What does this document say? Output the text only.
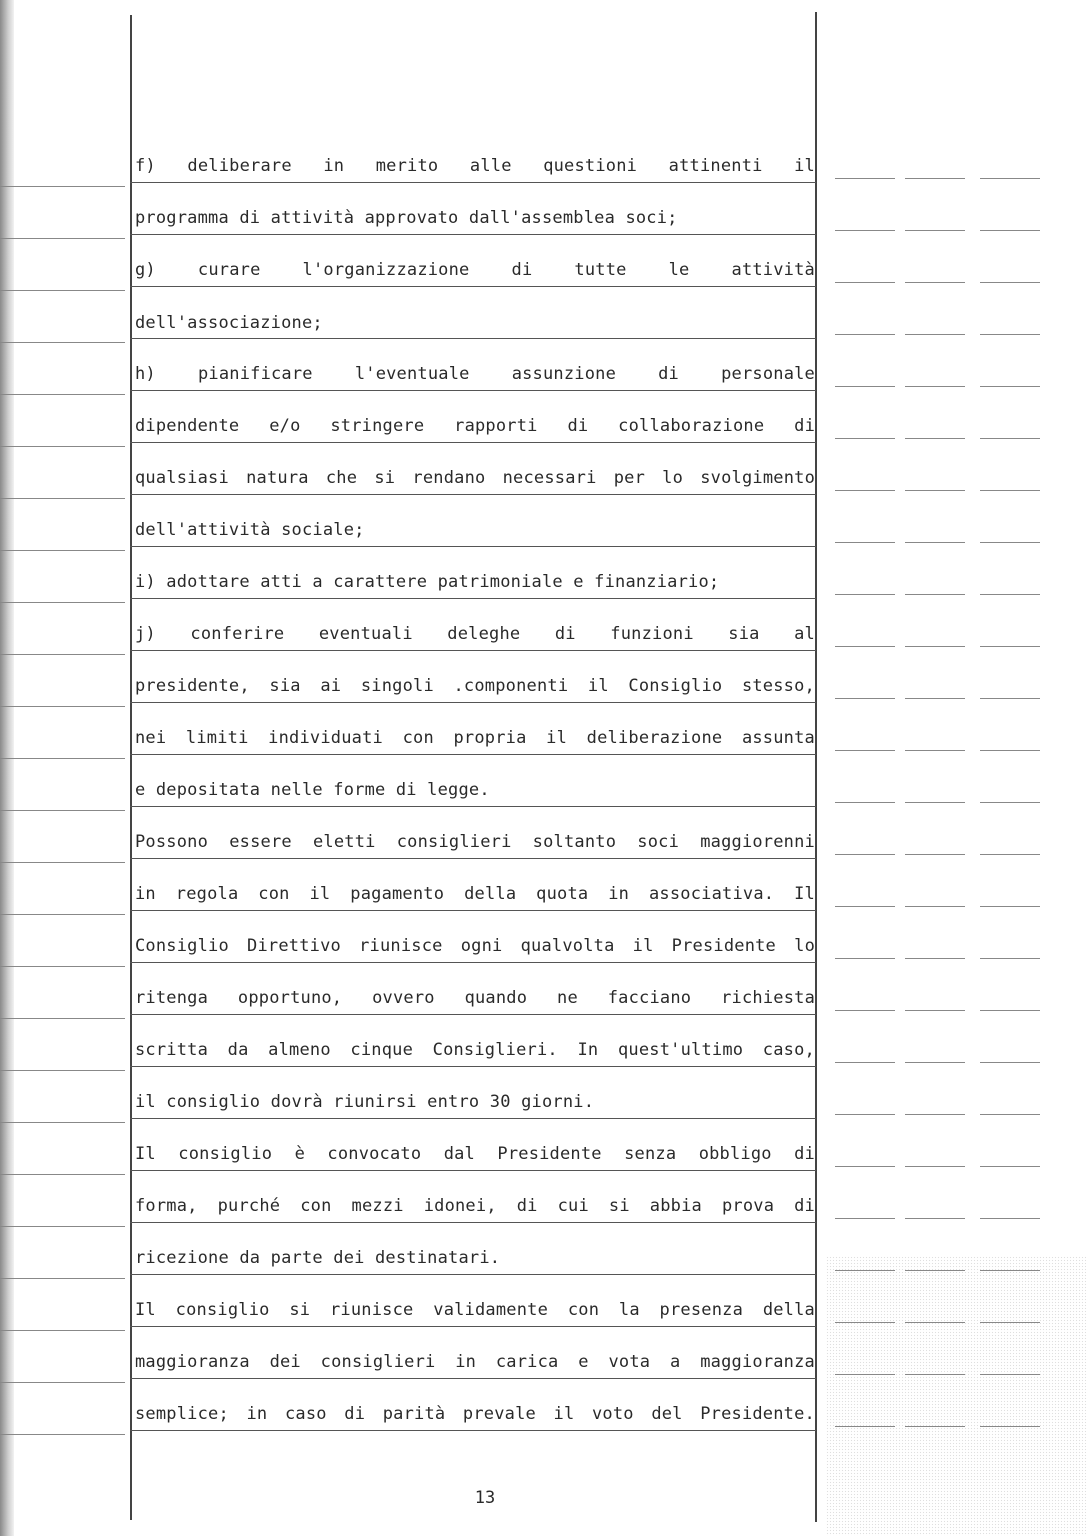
f) deliberare in merito alle questioni attinenti il
programma di attività approvato dall'assemblea soci;
g) curare l'organizzazione di tutte le attività
dell'associazione;
h) pianificare l'eventuale assunzione di personale
dipendente e/o stringere rapporti di collaborazione di
qualsiasi natura che si rendano necessari per lo svolgimento
dell'attività sociale;
i) adottare atti a carattere patrimoniale e finanziario;
j) conferire eventuali deleghe di funzioni sia al
presidente, sia ai singoli .componenti il Consiglio stesso,
nei limiti individuati con propria il deliberazione assunta
e depositata nelle forme di legge.
Possono essere eletti consiglieri soltanto soci maggiorenni
in regola con il pagamento della quota in associativa. Il
Consiglio Direttivo riunisce ogni qualvolta il Presidente lo
ritenga opportuno, ovvero quando ne facciano richiesta
scritta da almeno cinque Consiglieri. In quest'ultimo caso,
il consiglio dovrà riunirsi entro 30 giorni.
Il consiglio è convocato dal Presidente senza obbligo di
forma, purché con mezzi idonei, di cui si abbia prova di
ricezione da parte dei destinatari.
Il consiglio si riunisce validamente con la presenza della
maggioranza dei consiglieri in carica e vota a maggioranza
semplice; in caso di parità prevale il voto del Presidente.
13
